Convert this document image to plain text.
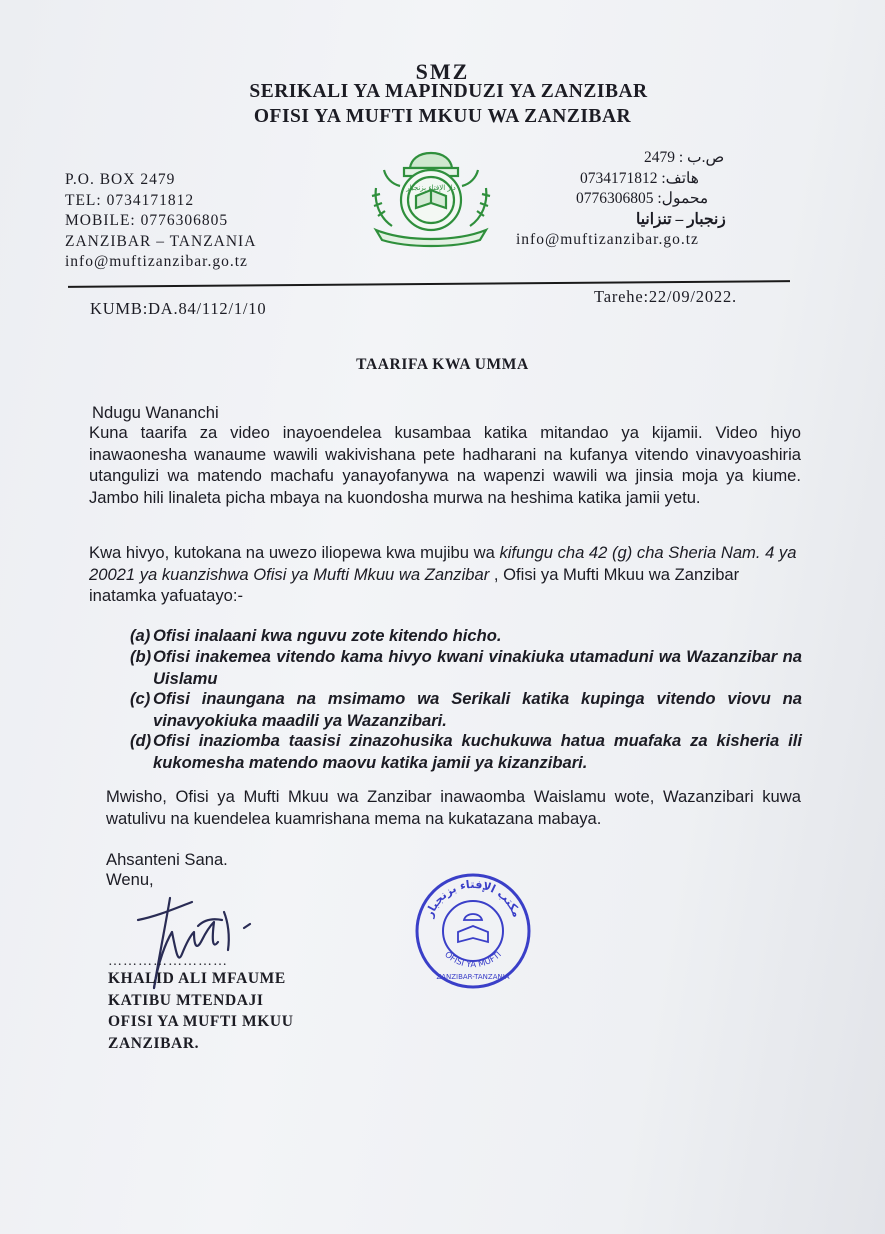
SMZ
SERIKALI YA MAPINDUZI YA ZANZIBAR
OFISI YA MUFTI MKUU WA ZANZIBAR

P.O. BOX 2479

TEL: 0734171812

MOBILE: 0776306805

ZANZIBAR – TANZANIA

info@muftizanzibar.go.tz

دار الإفتاء بزنجبار

ص.ب : 2479

هاتف: 0734171812

محمول: 0776306805

زنجبار – تنزانيا

info@muftizanzibar.go.tz

KUMB:DA.84/112/1/10
Tarehe:22/09/2022.
TAARIFA KWA UMMA
Ndugu Wananchi
Kuna taarifa za video inayoendelea kusambaa katika mitandao ya kijamii. Video hiyo inawaonesha wanaume wawili wakivishana pete hadharani na kufanya vitendo vinavyoashiria utangulizi wa matendo machafu yanayofanywa na wapenzi wawili wa jinsia moja ya kiume. Jambo hili linaleta picha mbaya na kuondosha murwa na heshima katika jamii yetu.
Kwa hivyo, kutokana na uwezo iliopewa kwa mujibu wa kifungu cha 42 (g) cha Sheria Nam. 4 ya 20021 ya kuanzishwa Ofisi ya Mufti Mkuu wa Zanzibar , Ofisi ya Mufti Mkuu wa Zanzibar inatamka yafuatayo:-
(a) Ofisi inalaani kwa nguvu zote kitendo hicho.
(b) Ofisi inakemea vitendo kama hivyo kwani vinakiuka utamaduni wa Wazanzibar na Uislamu
(c) Ofisi inaungana na msimamo wa Serikali katika kupinga vitendo viovu na vinavyokiuka maadili ya Wazanzibari.
(d) Ofisi inaziomba taasisi zinazohusika kuchukuwa hatua muafaka za kisheria ili kukomesha matendo maovu katika jamii ya kizanzibari.
Mwisho, Ofisi ya Mufti Mkuu wa Zanzibar inawaomba Waislamu wote, Wazanzibari kuwa watulivu na kuendelea kuamrishana mema na kukatazana mabaya.
Ahsanteni Sana.
Wenu,
……………………

KHALID ALI MFAUME

KATIBU MTENDAJI

OFISI YA MUFTI MKUU

ZANZIBAR.

مكتب الإفتاء بزنجبار
OFISI YA MUFTI
ZANZIBAR-TANZANIA
